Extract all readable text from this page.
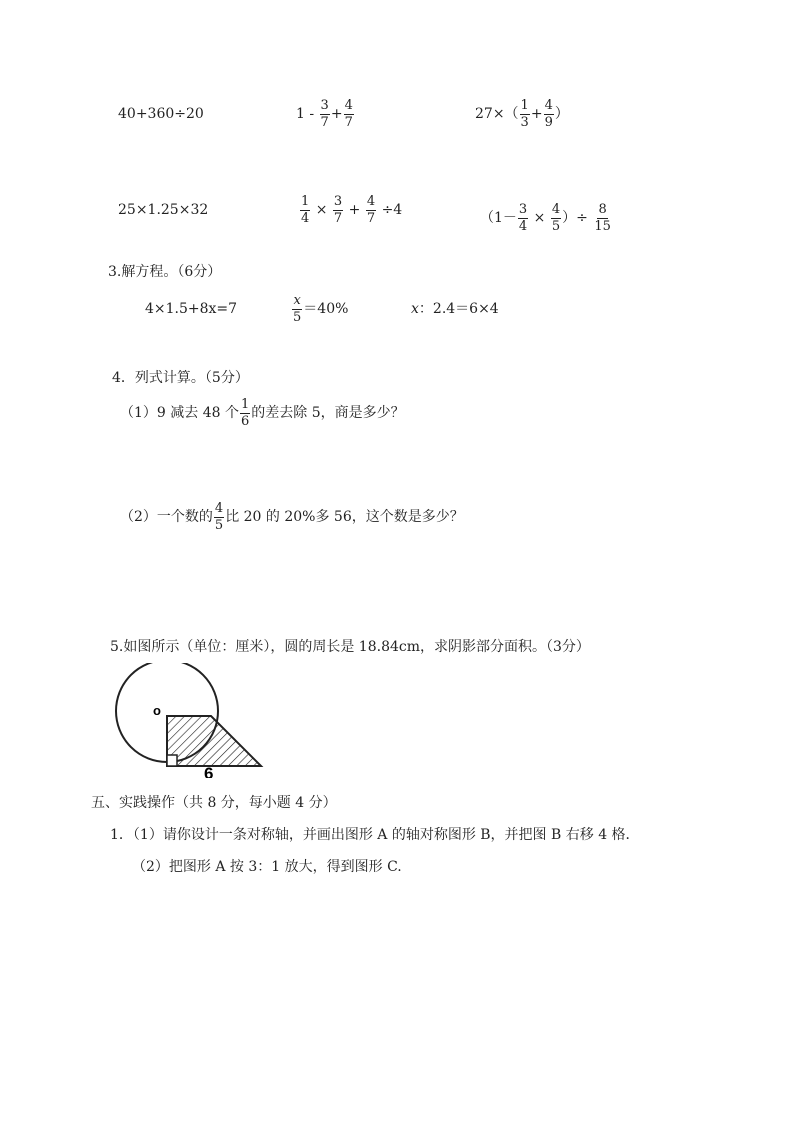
40+360÷20	$1 - \frac{3}{7} + \frac{4}{7}$	$27\times( \frac{1}{3} + \frac{4}{9}$ ）
25×1.25×32	$\frac{1}{4} \times \frac{3}{7} + \frac{4}{7} \div 4$	（$1- \frac{3}{4} \times \frac{4}{5}$ ）÷ $\frac{8}{15}$
3.解方程。（6分）
4×1.5+8x=7	$\frac{x}{5} =40\%$	x：2.4＝6×4
4．列式计算。（5分）
（1）9 减去 48 个 $\frac{1}{6}$ 的差去除 5，商是多少？
（2）一个数的 $\frac{4}{5}$ 比 20 的 20%多 56，这个数是多少？
5.如图所示（单位：厘米），圆的周长是 18.84cm，求阴影部分面积。（3分）
o
6
五、实践操作（共 8 分，每小题 4 分）
1．（1）请你设计一条对称轴，并画出图形 A 的轴对称图形 B，并把图 B 右移 4 格．
（2）把图形 A 按 3：1 放大，得到图形 C.
